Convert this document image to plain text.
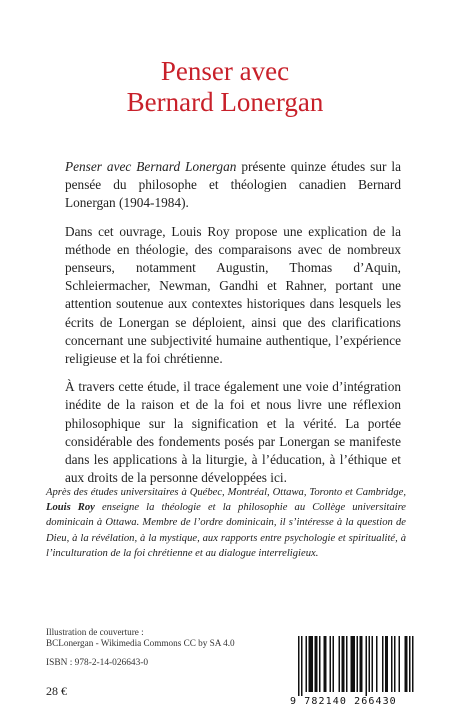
Penser avec
Bernard Lonergan

Penser avec Bernard Lonergan présente quinze études sur la pensée du philosophe et théologien canadien Bernard Lonergan (1904-1984).

Dans cet ouvrage, Louis Roy propose une explication de la méthode en théologie, des comparaisons avec de nombreux penseurs, notamment Augustin, Thomas d’Aquin, Schleiermacher, Newman, Gandhi et Rahner, portant une attention soutenue aux contextes historiques dans lesquels les écrits de Lonergan se déploient, ainsi que des clarifications concernant une subjectivité humaine authentique, l’expérience religieuse et la foi chrétienne.

À travers cette étude, il trace également une voie d’intégration inédite de la raison et de la foi et nous livre une réflexion philosophique sur la signification et la vérité. La portée considérable des fondements posés par Lonergan se manifeste dans les applications à la liturgie, à l’éducation, à l’éthique et aux droits de la personne développées ici.

Après des études universitaires à Québec, Montréal, Ottawa, Toronto et Cambridge, Louis Roy enseigne la théologie et la philosophie au Collège universitaire dominicain à Ottawa. Membre de l’ordre dominicain, il s’intéresse à la question de Dieu, à la révélation, à la mystique, aux rapports entre psychologie et spiritualité, à l’inculturation de la foi chrétienne et au dialogue interreligieux.
Illustration de couverture :
BCLonergan - Wikimedia Commons CC by SA 4.0
ISBN : 978-2-14-026643-0
28 €
9 782140 266430
